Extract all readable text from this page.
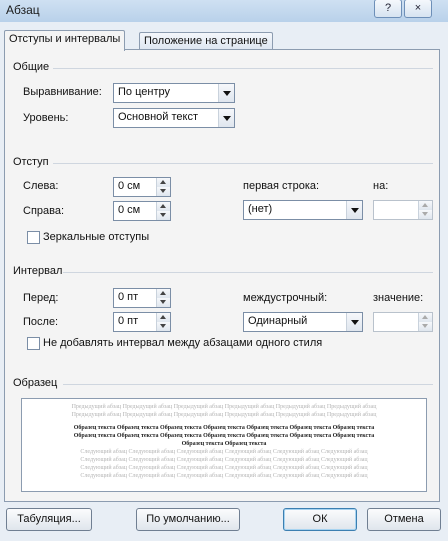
Абзац	?	×
Отступы и интервалы	Положение на странице
Общие
Выравнивание: По центру
Уровень:	Основной текст
Отступ
Слева:	0 см	первая строка:	на:
Справа:	0 см	(нет)
Зеркальные отступы
Интервал
Перед:	0 пт	междустрочный:	значение:
После:	0 пт	Одинарный
Не добавлять интервал между абзацами одного стиля
Образец
Предыдущий абзац Предыдущий абзац Предыдущий абзац Предыдущий абзац Предыдущий абзац Предыдущий абзац
Предыдущий абзац Предыдущий абзац Предыдущий абзац Предыдущий абзац Предыдущий абзац Предыдущий абзац
Образец текста Образец текста Образец текста Образец текста Образец текста Образец текста Образец текста
Образец текста Образец текста Образец текста Образец текста Образец текста Образец текста Образец текста
Образец текста Образец текста
Следующий абзац Следующий абзац Следующий абзац Следующий абзац Следующий абзац Следующий абзац
Следующий абзац Следующий абзац Следующий абзац Следующий абзац Следующий абзац Следующий абзац
Следующий абзац Следующий абзац Следующий абзац Следующий абзац Следующий абзац Следующий абзац
Следующий абзац Следующий абзац Следующий абзац Следующий абзац Следующий абзац Следующий абзац
Табуляция...	По умолчанию...	ОК	Отмена
